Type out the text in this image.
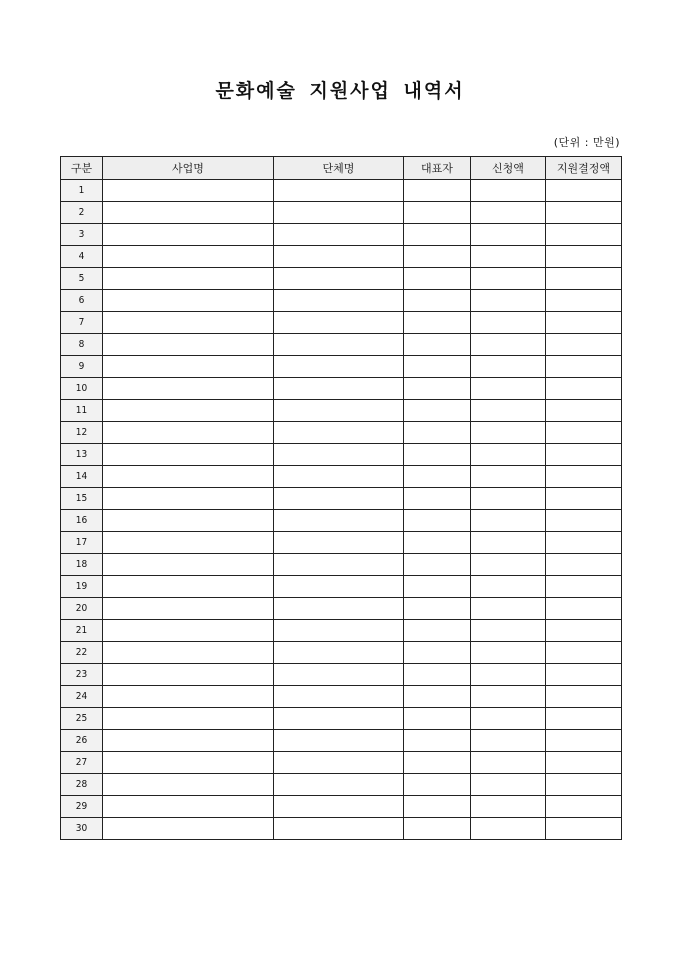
문화예술 지원사업 내역서
(단위 : 만원)
구분	사업명	단체명	대표자	신청액	지원결정액
1					
2					
3					
4					
5					
6					
7					
8					
9					
10					
11					
12					
13					
14					
15					
16					
17					
18					
19					
20					
21					
22					
23					
24					
25					
26					
27					
28					
29					
30					
